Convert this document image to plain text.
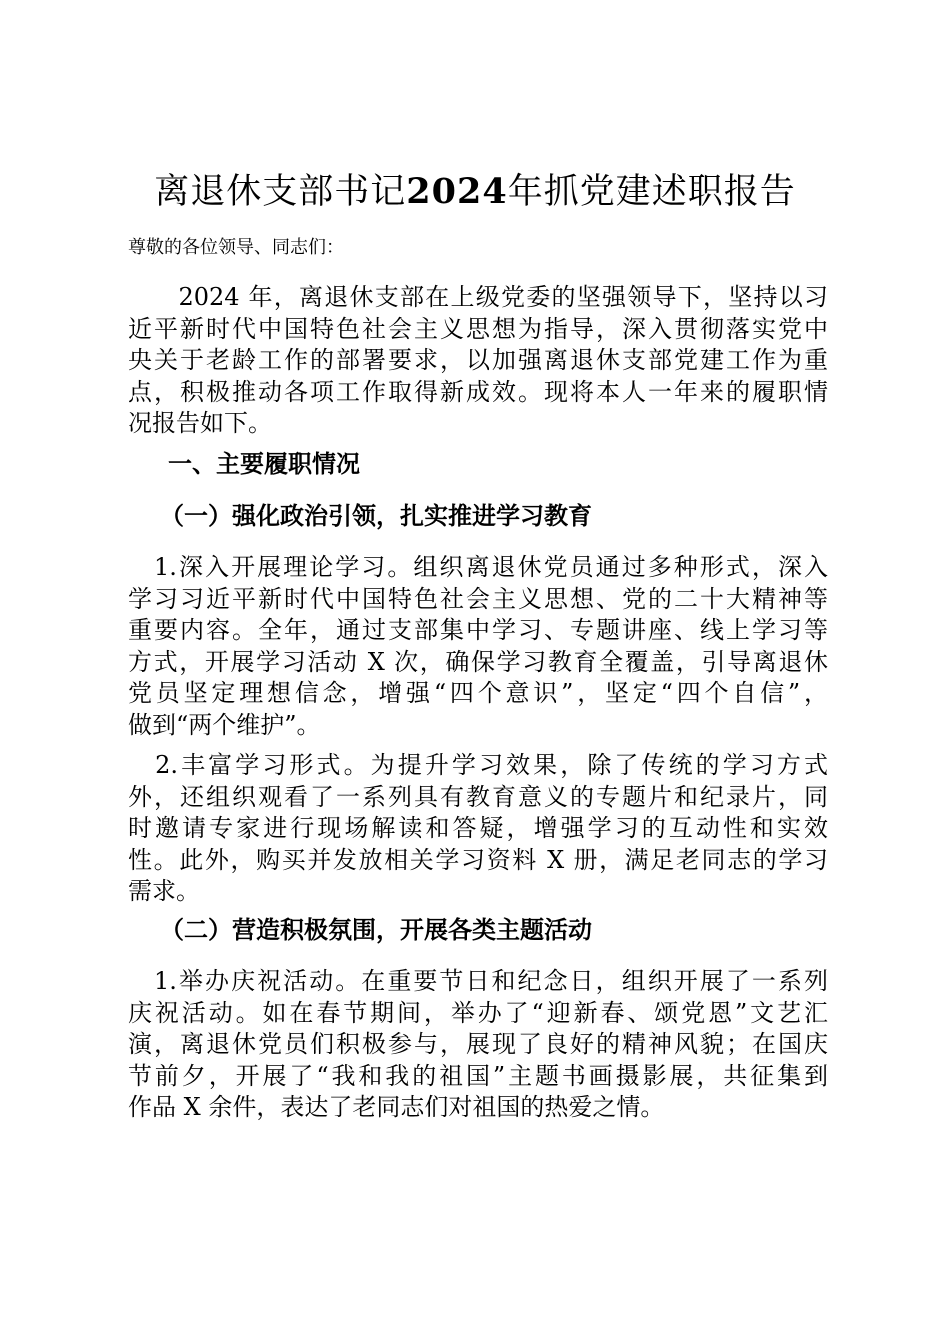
离退休支部书记2024年抓党建述职报告
尊敬的各位领导、同志们：
　　2024 年，离退休支部在上级党委的坚强领导下，坚持以习
近平新时代中国特色社会主义思想为指导，深入贯彻落实党中
央关于老龄工作的部署要求，以加强离退休支部党建工作为重
点，积极推动各项工作取得新成效。现将本人一年来的履职情
况报告如下。
一、主要履职情况
（一）强化政治引领，扎实推进学习教育
　1.深入开展理论学习。组织离退休党员通过多种形式，深入
学习习近平新时代中国特色社会主义思想、党的二十大精神等
重要内容。全年，通过支部集中学习、专题讲座、线上学习等
方式，开展学习活动 X 次，确保学习教育全覆盖，引导离退休
党员坚定理想信念，增强“四个意识”，坚定“四个自信”，
做到“两个维护”。
　2.丰富学习形式。为提升学习效果，除了传统的学习方式
外，还组织观看了一系列具有教育意义的专题片和纪录片，同
时邀请专家进行现场解读和答疑，增强学习的互动性和实效
性。此外，购买并发放相关学习资料 X 册，满足老同志的学习
需求。
（二）营造积极氛围，开展各类主题活动
　1.举办庆祝活动。在重要节日和纪念日，组织开展了一系列
庆祝活动。如在春节期间，举办了“迎新春、颂党恩”文艺汇
演，离退休党员们积极参与，展现了良好的精神风貌；在国庆
节前夕，开展了“我和我的祖国”主题书画摄影展，共征集到
作品 X 余件，表达了老同志们对祖国的热爱之情。
